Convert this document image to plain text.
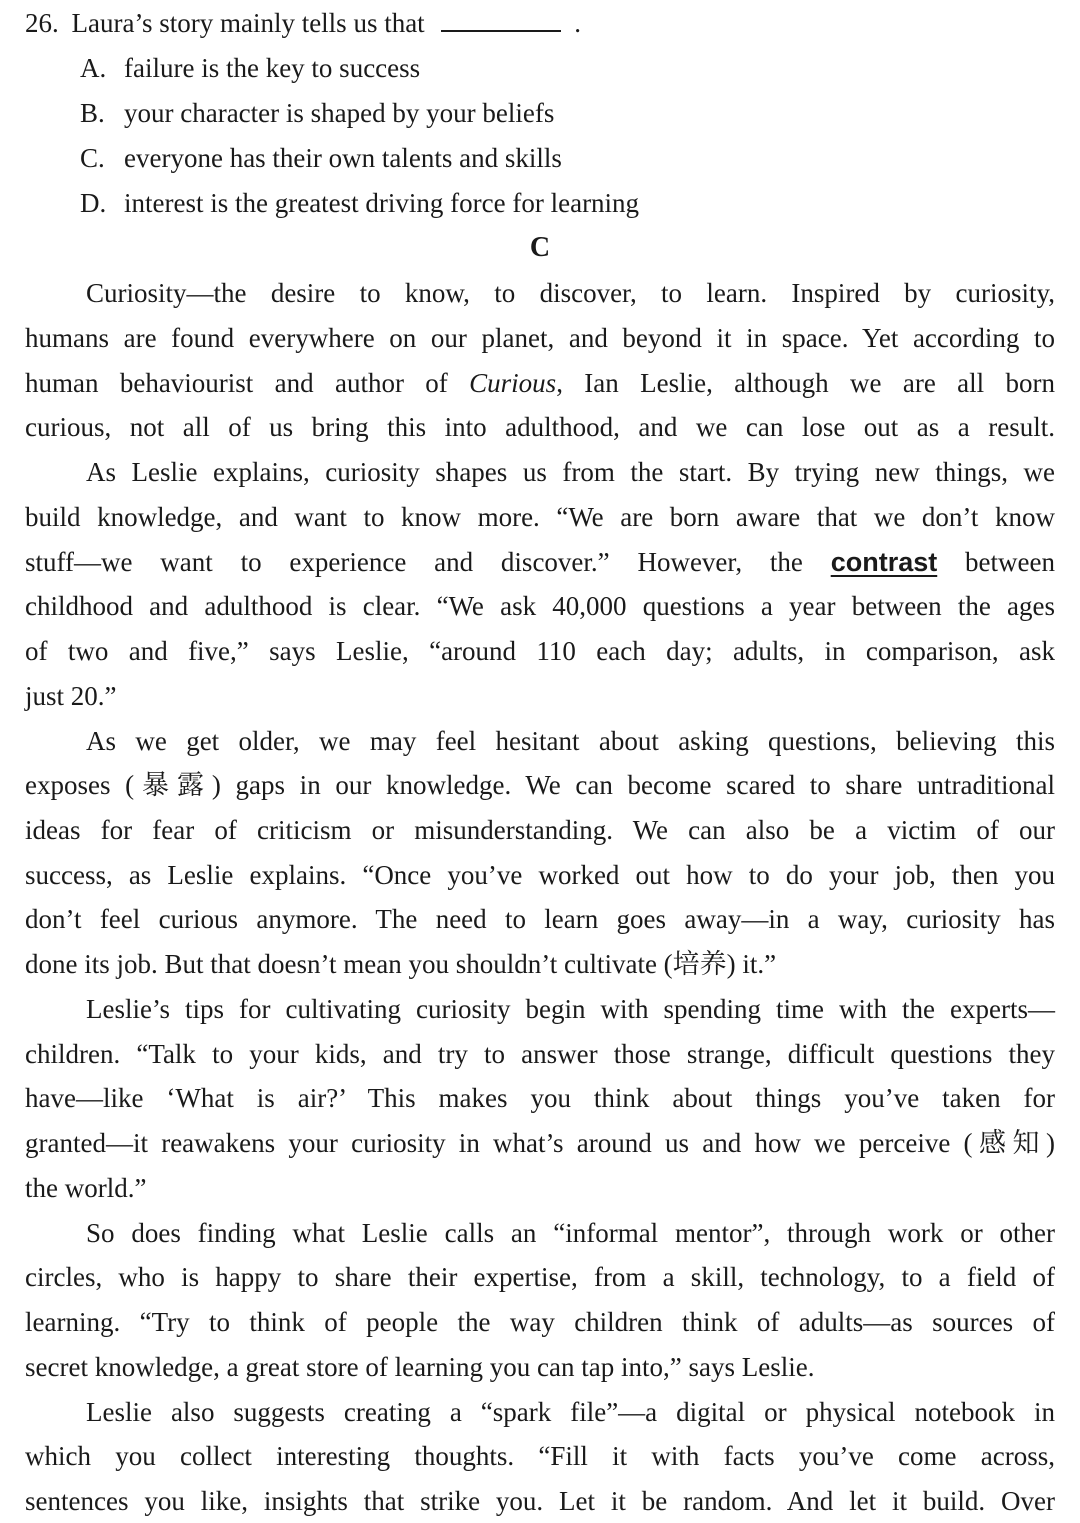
26. Laura’s story mainly tells us that	.
A. failure is the key to success
B. your character is shaped by your beliefs
C. everyone has their own talents and skills
D. interest is the greatest driving force for learning
C
Curiosity—the desire to know, to discover, to learn. Inspired by curiosity,
humans are found everywhere on our planet, and beyond it in space. Yet according to
human behaviourist and author of Curious, Ian Leslie, although we are all born
curious, not all of us bring this into adulthood, and we can lose out as a result.
As Leslie explains, curiosity shapes us from the start. By trying new things, we
build knowledge, and want to know more. “We are born aware that we don’t know
stuff—we want to experience and discover.” However, the contrast between
childhood and adulthood is clear. “We ask 40,000 questions a year between the ages
of two and five,” says Leslie, “around 110 each day; adults, in comparison, ask
just 20.”
As we get older, we may feel hesitant about asking questions, believing this
exposes (暴露) gaps in our knowledge. We can become scared to share untraditional
ideas for fear of criticism or misunderstanding. We can also be a victim of our
success, as Leslie explains. “Once you’ve worked out how to do your job, then you
don’t feel curious anymore. The need to learn goes away—in a way, curiosity has
done its job. But that doesn’t mean you shouldn’t cultivate (培养) it.”
Leslie’s tips for cultivating curiosity begin with spending time with the experts—
children. “Talk to your kids, and try to answer those strange, difficult questions they
have—like ‘What is air?’ This makes you think about things you’ve taken for
granted—it reawakens your curiosity in what’s around us and how we perceive (感知)
the world.”
So does finding what Leslie calls an “informal mentor”, through work or other
circles, who is happy to share their expertise, from a skill, technology, to a field of
learning. “Try to think of people the way children think of adults—as sources of
secret knowledge, a great store of learning you can tap into,” says Leslie.
Leslie also suggests creating a “spark file”—a digital or physical notebook in
which you collect interesting thoughts. “Fill it with facts you’ve come across,
sentences you like, insights that strike you. Let it be random. And let it build. Over
